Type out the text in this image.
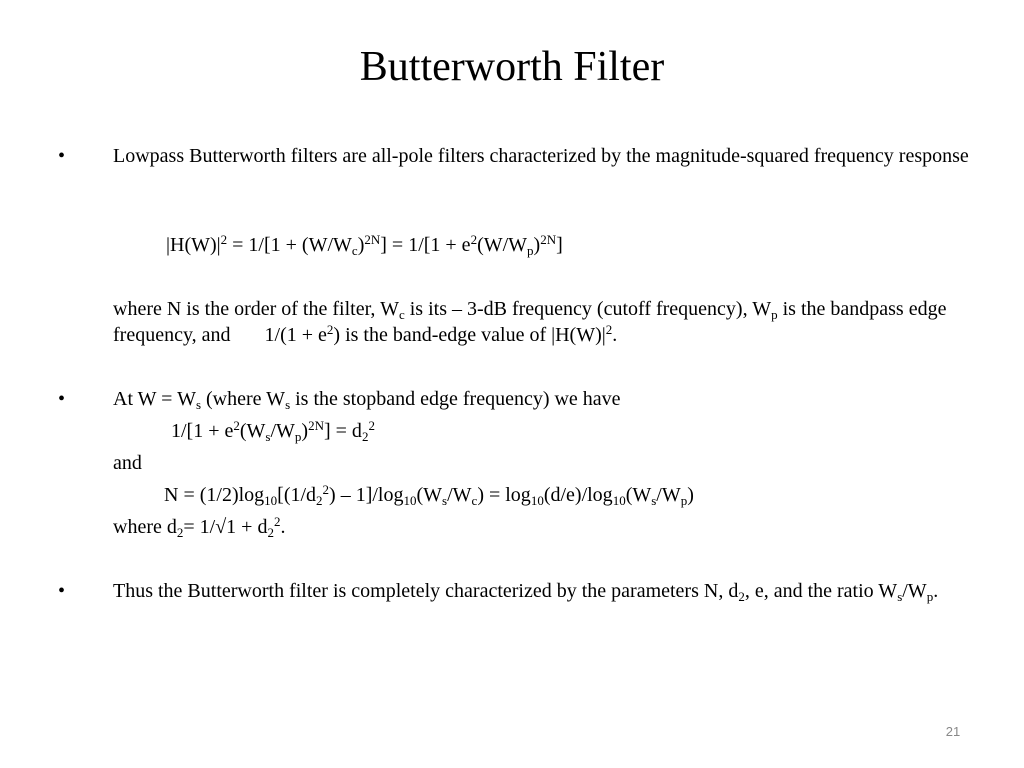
Butterworth Filter
• Lowpass Butterworth filters are all-pole filters characterized by the magnitude-squared frequency response
$|H(W)|^2 = 1/[1 + (W/W_c)^{2N}] = 1/[1 + e^2(W/W_p)^{2N}]$
where N is the order of the filter, $W_c$ is its – 3-dB frequency (cutoff frequency), $W_p$ is the bandpass edge frequency, and $1/(1 + e^2)$ is the band-edge value of $|H(W)|^2$.
• At $W = W_s$ (where $W_s$ is the stopband edge frequency) we have
$1/[1 + e^2(W_s/W_p)^{2N}] = d_2^2$
and
$N = (1/2)\log_{10}[(1/d_2^2) - 1]/\log_{10}(W_s/W_c) = \log_{10}(d/e)/\log_{10}(W_s/W_p)$
where $d_2= 1/√1 + d_2^2$.
• Thus the Butterworth filter is completely characterized by the parameters N, $d_2$, e, and the ratio $W_s/W_p$.
21
